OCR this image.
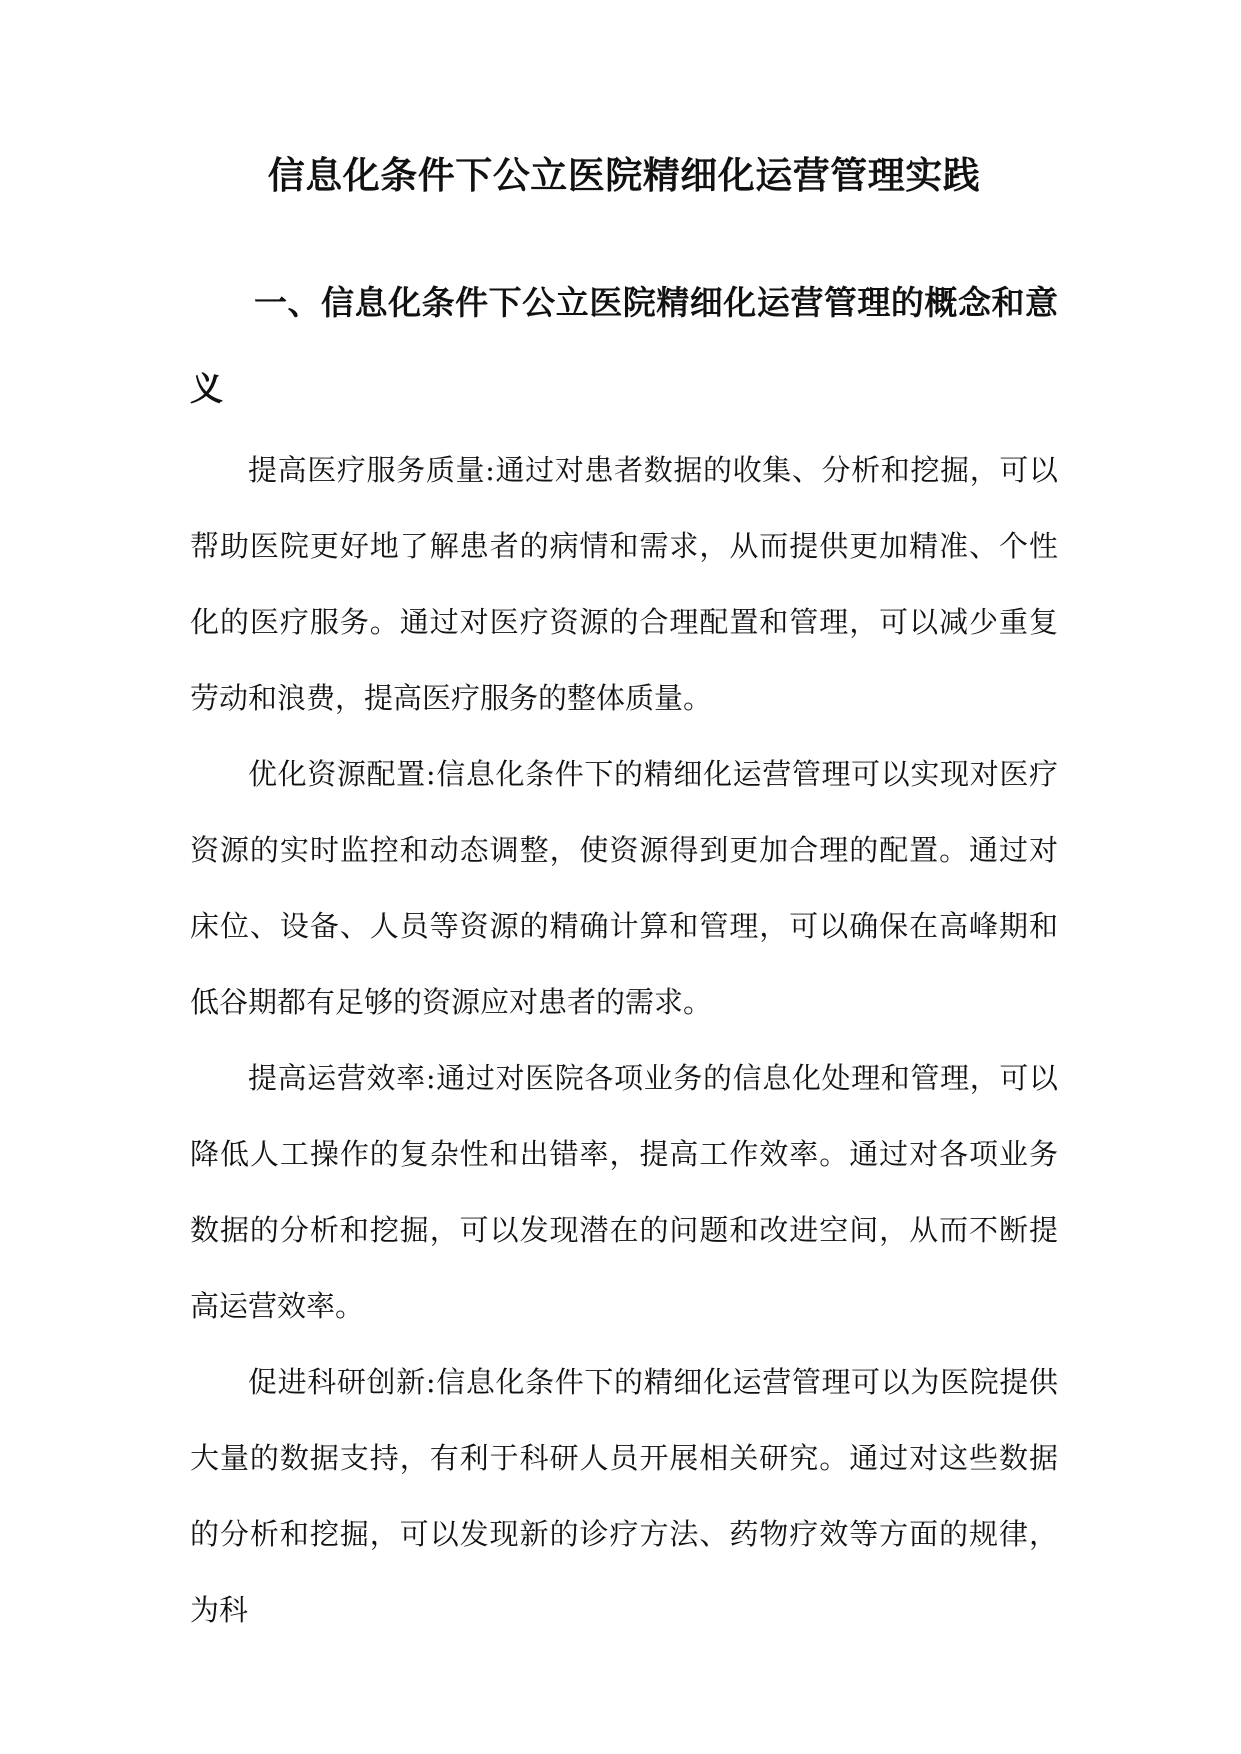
信息化条件下公立医院精细化运营管理实践
一、信息化条件下公立医院精细化运营管理的概念和意义

提高医疗服务质量:通过对患者数据的收集、分析和挖掘，可以帮助医院更好地了解患者的病情和需求，从而提供更加精准、个性化的医疗服务。通过对医疗资源的合理配置和管理，可以减少重复劳动和浪费，提高医疗服务的整体质量。

优化资源配置:信息化条件下的精细化运营管理可以实现对医疗资源的实时监控和动态调整，使资源得到更加合理的配置。通过对床位、设备、人员等资源的精确计算和管理，可以确保在高峰期和低谷期都有足够的资源应对患者的需求。

提高运营效率:通过对医院各项业务的信息化处理和管理，可以降低人工操作的复杂性和出错率，提高工作效率。通过对各项业务数据的分析和挖掘，可以发现潜在的问题和改进空间，从而不断提高运营效率。

促进科研创新:信息化条件下的精细化运营管理可以为医院提供大量的数据支持，有利于科研人员开展相关研究。通过对这些数据的分析和挖掘，可以发现新的诊疗方法、药物疗效等方面的规律，为科
